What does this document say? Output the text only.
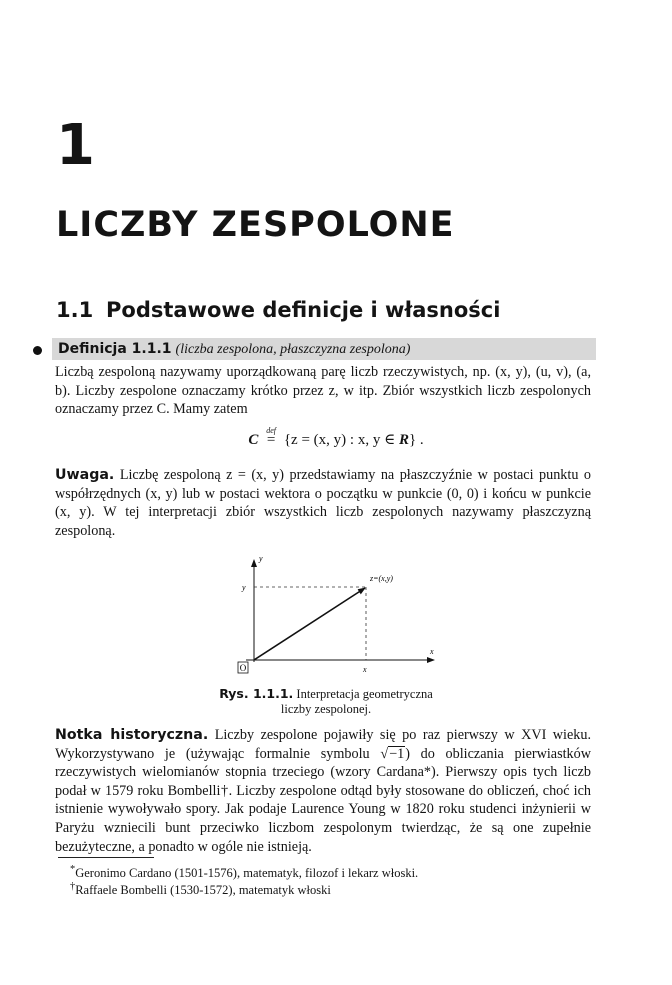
1
LICZBY ZESPOLONE
1.1 Podstawowe definicje i własności
Definicja 1.1.1 (liczba zespolona, płaszczyzna zespolona)
Liczbą zespoloną nazywamy uporządkowaną parę liczb rzeczywistych, np. (x, y), (u, v), (a, b). Liczby zespolone oznaczamy krótko przez z, w itp. Zbiór wszystkich liczb zespolonych oznaczamy przez C. Mamy zatem
C
def
= {z = (x, y) : x, y ∈ R} .
Uwaga. Liczbę zespoloną z = (x, y) przedstawiamy na płaszczyźnie w postaci punktu o współrzędnych (x, y) lub w postaci wektora o początku w punkcie (0, 0) i końcu w punkcie (x, y). W tej interpretacji zbiór wszystkich liczb zespolonych nazywamy płaszczyzną zespoloną.
O
y
x
y
x
z=(x,y)
Rys. 1.1.1. Interpretacja geometryczna
liczby zespolonej.
Notka historyczna. Liczby zespolone pojawiły się po raz pierwszy w XVI wieku. Wykorzystywano je (używając formalnie symbolu √−1) do obliczania pierwiastków rzeczywistych wielomianów stopnia trzeciego (wzory Cardana*). Pierwszy opis tych liczb podał w 1579 roku Bombelli†. Liczby zespolone odtąd były stosowane do obliczeń, choć ich istnienie wywoływało spory. Jak podaje Laurence Young w 1820 roku studenci inżynierii w Paryżu wzniecili bunt przeciwko liczbom zespolonym twierdząc, że są one zupełnie bezużyteczne, a ponadto w ogóle nie istnieją.
*Geronimo Cardano (1501-1576), matematyk, filozof i lekarz włoski.
†Raffaele Bombelli (1530-1572), matematyk włoski
